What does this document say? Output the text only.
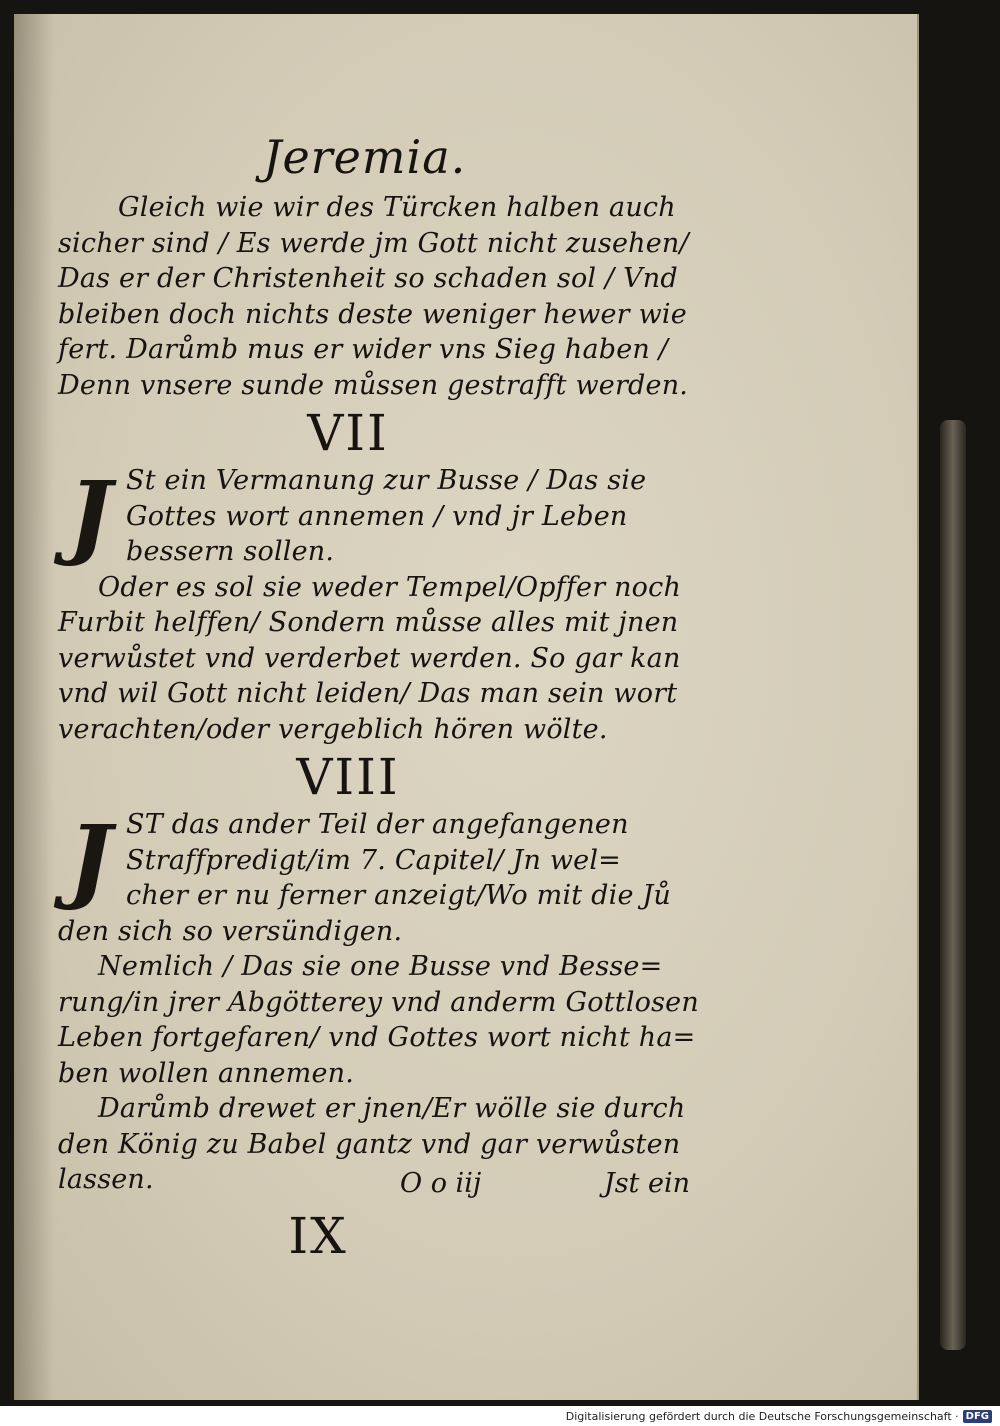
Jeremia.
Gleich wie wir des Türcken halben auch
sicher sind / Es werde jm Gott nicht zusehen/
Das er der Christenheit so schaden sol / Vnd
bleiben doch nichts deste weniger hewer wie
fert. Darůmb mus er wider vns Sieg haben /
Denn vnsere sunde můssen gestrafft werden.
VII
J St ein Vermanung zur Busse / Das sie
Gottes wort annemen / vnd jr Leben
bessern sollen.
Oder es sol sie weder Tempel/Opffer noch
Furbit helffen/ Sondern můsse alles mit jnen
verwůstet vnd verderbet werden. So gar kan
vnd wil Gott nicht leiden/ Das man sein wort
verachten/oder vergeblich hören wölte.
VIII
J ST das ander Teil der angefangenen
Straffpredigt/im 7. Capitel/ Jn wel=
cher er nu ferner anzeigt/Wo mit die Jů
den sich so versündigen.
Nemlich / Das sie one Busse vnd Besse=
rung/in jrer Abgötterey vnd anderm Gottlosen
Leben fortgefaren/ vnd Gottes wort nicht ha=
ben wollen annemen.
Darůmb drewet er jnen/Er wölle sie durch
den König zu Babel gantz vnd gar verwůsten
lassen.
IX
O o iij	Jst ein
Digitalisierung gefördert durch die Deutsche Forschungsgemeinschaft · DFG
